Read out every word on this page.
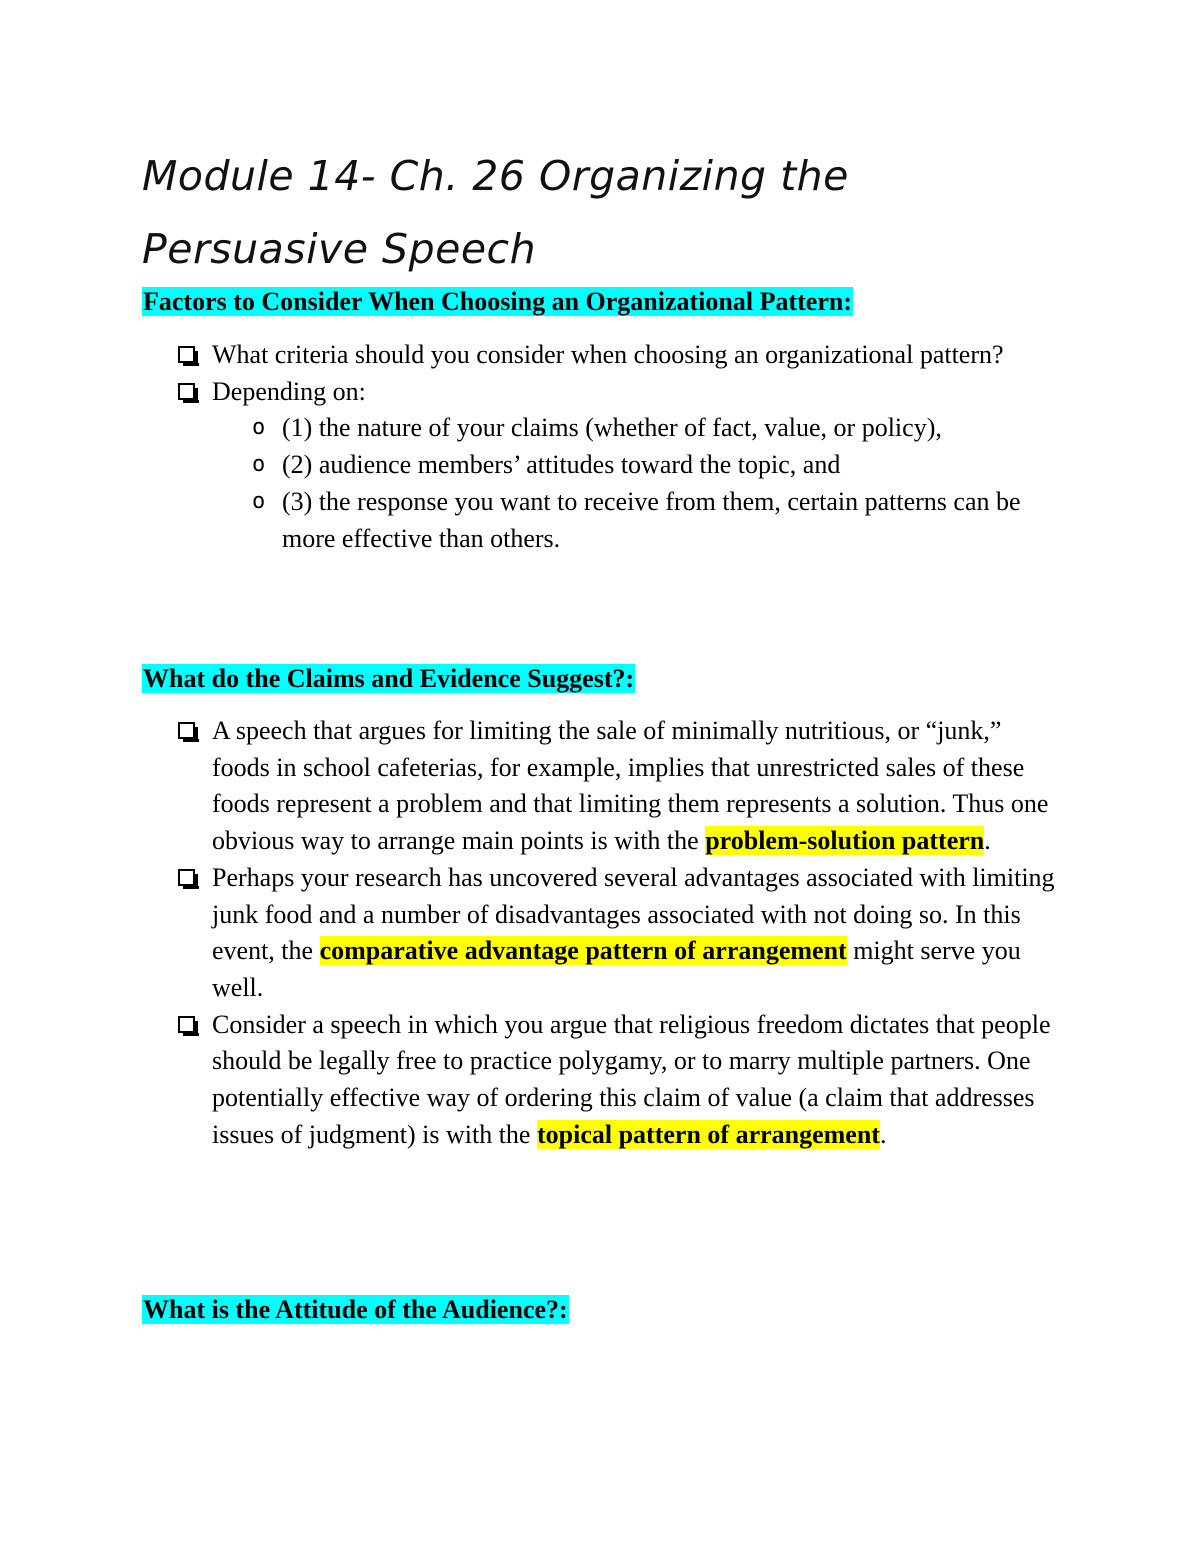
Module 14- Ch. 26 Organizing the
Persuasive Speech
Factors to Consider When Choosing an Organizational Pattern:
What criteria should you consider when choosing an organizational pattern?
Depending on:
o (1) the nature of your claims (whether of fact, value, or policy),
o (2) audience members’ attitudes toward the topic, and
o (3) the response you want to receive from them, certain patterns can be more effective than others.
What do the Claims and Evidence Suggest?:
A speech that argues for limiting the sale of minimally nutritious, or “junk,” foods in school cafeterias, for example, implies that unrestricted sales of these foods represent a problem and that limiting them represents a solution. Thus one obvious way to arrange main points is with the problem-solution pattern.
Perhaps your research has uncovered several advantages associated with limiting junk food and a number of disadvantages associated with not doing so. In this event, the comparative advantage pattern of arrangement might serve you well.
Consider a speech in which you argue that religious freedom dictates that people should be legally free to practice polygamy, or to marry multiple partners. One potentially effective way of ordering this claim of value (a claim that addresses issues of judgment) is with the topical pattern of arrangement.
What is the Attitude of the Audience?:
